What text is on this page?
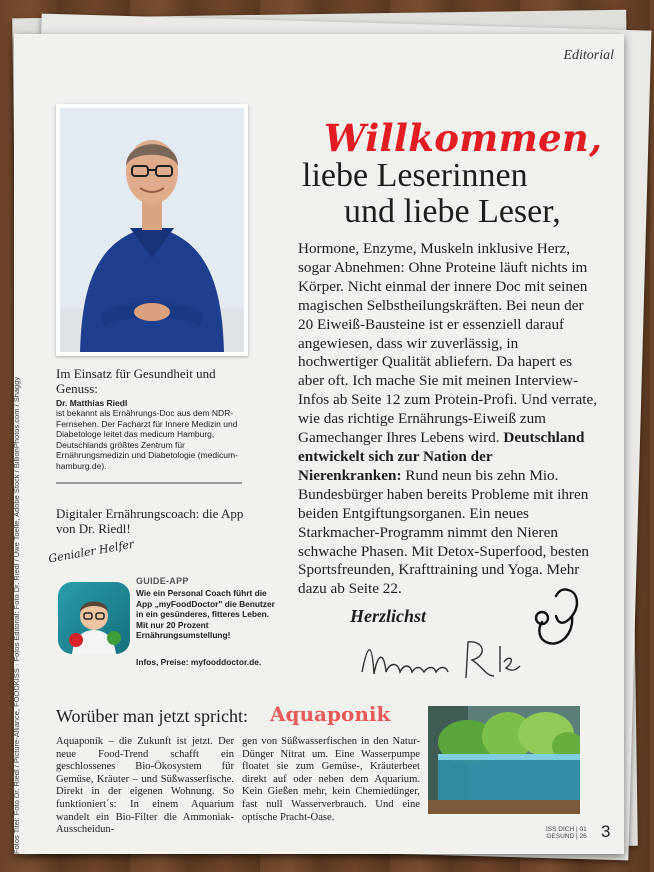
Editorial
Fotos Titel: Foto Dr. Riedl / Picture-Alliance, FOODKISS · Fotos Editorial: Foto Dr. Riedl / Uwe Toelle, Adobe Stock / BillionPhotos.com / Shaggy
Im Einsatz für Gesundheit und Genuss:
Dr. Matthias Riedl
ist bekannt als Ernährungs-Doc aus dem NDR-Fernsehen. Der Facharzt für Innere Medizin und Diabetologe leitet das medicum Hamburg, Deutschlands größtes Zentrum für Ernährungsmedizin und Diabetologie (medicum-hamburg.de).
Digitaler Ernährungscoach: die App von Dr. Riedl!
Genialer Helfer
GUIDE-APP
Wie ein Personal Coach führt die App „myFoodDoctor" die Benutzer in ein gesünderes, fitteres Leben. Mit nur 20 Prozent Ernährungsumstellung!
Infos, Preise: myfooddoctor.de.
Willkommen,
liebe Leserinnen
und liebe Leser,
Hormone, Enzyme, Muskeln inklusive Herz, sogar Abnehmen: Ohne Proteine läuft nichts im Körper. Nicht einmal der innere Doc mit seinen magischen Selbstheilungskräften. Bei neun der 20 Eiweiß-Bausteine ist er essenziell darauf angewiesen, dass wir zuverlässig, in hochwertiger Qualität abliefern. Da hapert es aber oft. Ich mache Sie mit meinen Interview-Infos ab Seite 12 zum Protein-Profi. Und verrate, wie das richtige Ernährungs-Eiweiß zum Gamechanger Ihres Lebens wird. Deutschland entwickelt sich zur Nation der Nierenkranken: Rund neun bis zehn Mio. Bundesbürger haben bereits Probleme mit ihren beiden Entgiftungsorganen. Ein neues Starkmacher-Programm nimmt den Nieren schwache Phasen. Mit Detox-Superfood, besten Sportsfreunden, Krafttraining und Yoga. Mehr dazu ab Seite 22.
Herzlichst
Worüber man jetzt spricht: Aquaponik
Aquaponik – die Zukunft ist jetzt. Der neue Food-Trend schafft ein geschlossenes Bio-Ökosystem für Gemüse, Kräuter – und Süßwasserfische. Direkt in der eigenen Wohnung. So funktioniert´s: In einem Aquarium wandelt ein Bio-Filter die Ammoniak-Ausscheidun-
gen von Süßwasserfischen in den Natur-Dünger Nitrat um. Eine Wasserpumpe floatet sie zum Gemüse-, Kräuterbeet direkt auf oder neben dem Aquarium. Kein Gießen mehr, kein Chemiedünger, fast null Wasserverbrauch. Und eine optische Pracht-Oase.
ISS DICH | 01
GESUND | 26 3
